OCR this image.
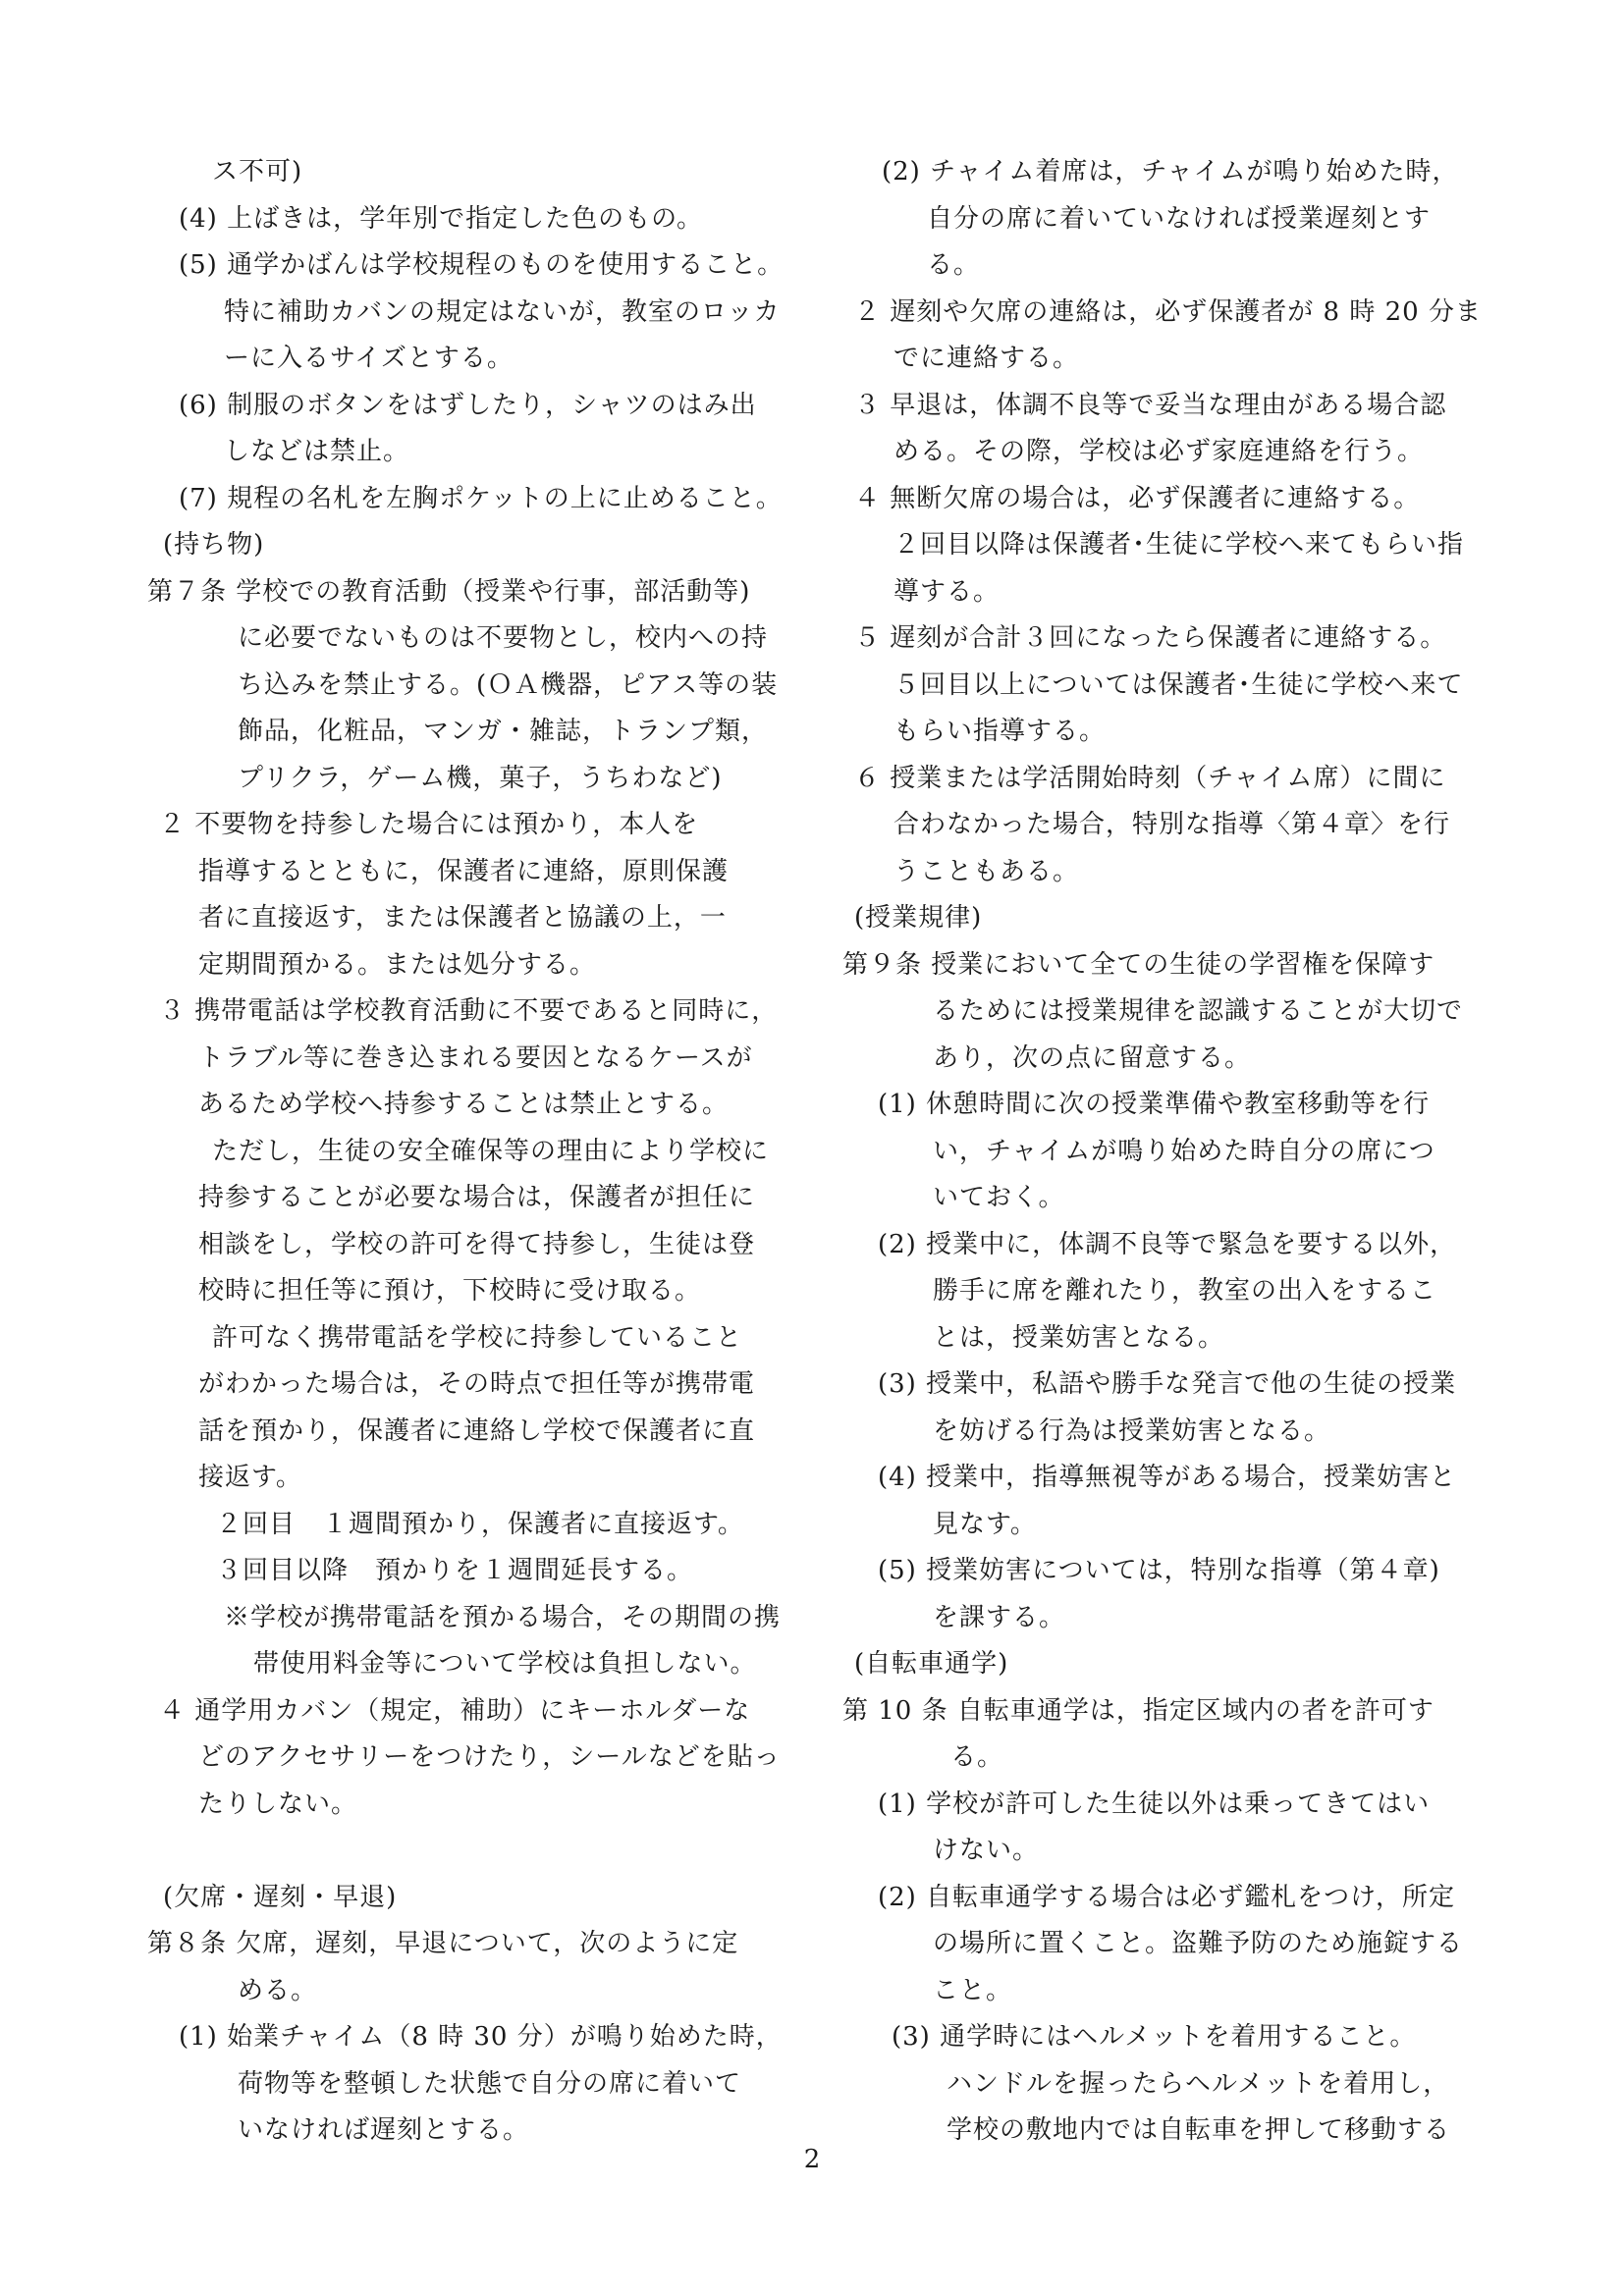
ス不可)
(4) 上ばきは，学年別で指定した色のもの。
(5) 通学かばんは学校規程のものを使用すること。
特に補助カバンの規定はないが，教室のロッカ
ーに入るサイズとする。
(6) 制服のボタンをはずしたり，シャツのはみ出
しなどは禁止。
(7) 規程の名札を左胸ポケットの上に止めること。
(持ち物)
第７条 学校での教育活動（授業や行事，部活動等)
に必要でないものは不要物とし，校内への持
ち込みを禁止する。(ＯＡ機器，ピアス等の装
飾品，化粧品，マンガ・雑誌，トランプ類，
プリクラ，ゲーム機，菓子，うちわなど)
２ 不要物を持参した場合には預かり，本人を
指導するとともに，保護者に連絡，原則保護
者に直接返す，または保護者と協議の上，一
定期間預かる。または処分する。
３ 携帯電話は学校教育活動に不要であると同時に，
トラブル等に巻き込まれる要因となるケースが
あるため学校へ持参することは禁止とする。
ただし，生徒の安全確保等の理由により学校に
持参することが必要な場合は，保護者が担任に
相談をし，学校の許可を得て持参し，生徒は登
校時に担任等に預け，下校時に受け取る。
許可なく携帯電話を学校に持参していること
がわかった場合は，その時点で担任等が携帯電
話を預かり，保護者に連絡し学校で保護者に直
接返す。
２回目　１週間預かり，保護者に直接返す。
３回目以降　預かりを１週間延長する。
※学校が携帯電話を預かる場合，その期間の携
帯使用料金等について学校は負担しない。
４ 通学用カバン（規定，補助）にキーホルダーな
どのアクセサリーをつけたり，シールなどを貼っ
たりしない。
(欠席・遅刻・早退)
第８条 欠席，遅刻，早退について，次のように定
める。
(1) 始業チャイム（8 時 30 分）が鳴り始めた時，
荷物等を整頓した状態で自分の席に着いて
いなければ遅刻とする。
(2) チャイム着席は，チャイムが鳴り始めた時，
自分の席に着いていなければ授業遅刻とす
る。
２ 遅刻や欠席の連絡は，必ず保護者が 8 時 20 分ま
でに連絡する。
３ 早退は，体調不良等で妥当な理由がある場合認
める。その際，学校は必ず家庭連絡を行う。
４ 無断欠席の場合は，必ず保護者に連絡する。
２回目以降は保護者･生徒に学校へ来てもらい指
導する。
５ 遅刻が合計３回になったら保護者に連絡する。
５回目以上については保護者･生徒に学校へ来て
もらい指導する。
６ 授業または学活開始時刻（チャイム席）に間に
合わなかった場合，特別な指導〈第４章〉を行
うこともある。
(授業規律)
第９条 授業において全ての生徒の学習権を保障す
るためには授業規律を認識することが大切で
あり，次の点に留意する。
(1) 休憩時間に次の授業準備や教室移動等を行
い，チャイムが鳴り始めた時自分の席につ
いておく。
(2) 授業中に，体調不良等で緊急を要する以外，
勝手に席を離れたり，教室の出入をするこ
とは，授業妨害となる。
(3) 授業中，私語や勝手な発言で他の生徒の授業
を妨げる行為は授業妨害となる。
(4) 授業中，指導無視等がある場合，授業妨害と
見なす。
(5) 授業妨害については，特別な指導（第４章)
を課する。
(自転車通学)
第 10 条 自転車通学は，指定区域内の者を許可す
る。
(1) 学校が許可した生徒以外は乗ってきてはい
けない。
(2) 自転車通学する場合は必ず鑑札をつけ，所定
の場所に置くこと。盗難予防のため施錠する
こと。
(3) 通学時にはヘルメットを着用すること。
ハンドルを握ったらヘルメットを着用し，
学校の敷地内では自転車を押して移動する
2
